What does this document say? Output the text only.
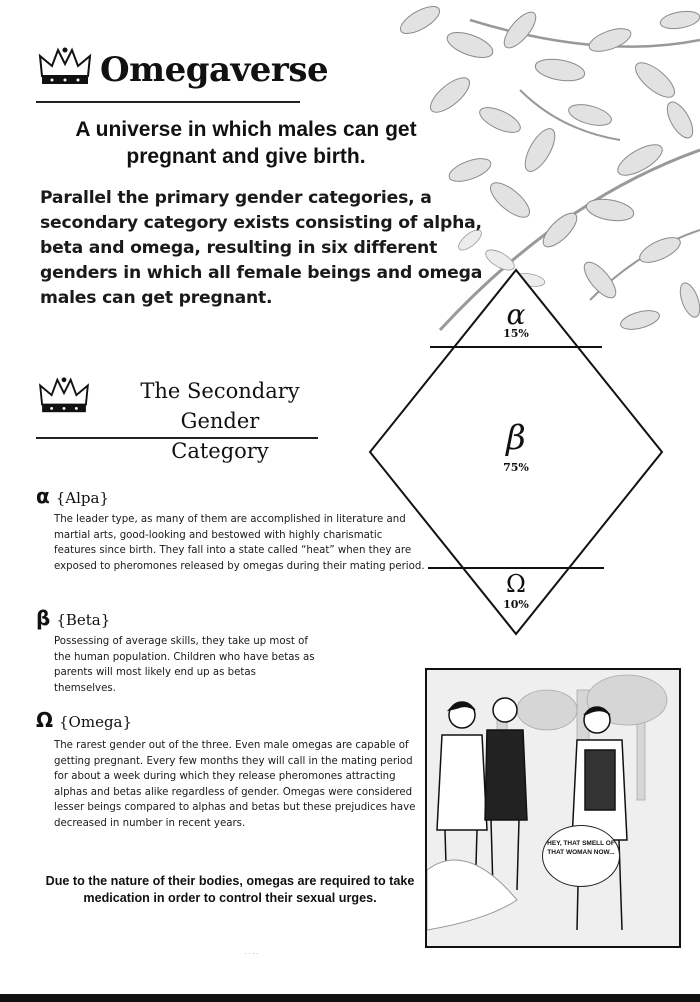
Omegaverse
A universe in which males can get pregnant and give birth.
Parallel the primary gender categories, a secondary category exists consisting of alpha, beta and omega, resulting in six different genders in which all female beings and omega males can get pregnant.
The Secondary Gender
Category
α
15%
β
75%
Ω
10%
α {Alpa}
The leader type, as many of them are accomplished in literature and martial arts, good-looking and bestowed with highly charismatic features since birth. They fall into a state called “heat” when they are exposed to pheromones released by omegas during their mating period.
β {Beta}
Possessing of average skills, they take up most of the human population. Children who have betas as parents will most likely end up as betas themselves.
Ω {Omega}
The rarest gender out of the three. Even male omegas are capable of getting pregnant. Every few months they will call in the mating period for about a week during which they release pheromones attracting alphas and betas alike regardless of gender. Omegas were considered lesser beings compared to alphas and betas but these prejudices have decreased in number in recent years.
Due to the nature of their bodies, omegas are required to take medication in order to control their sexual urges.
· · · ·
HEY, THAT SMELL OF THAT WOMAN NOW...
